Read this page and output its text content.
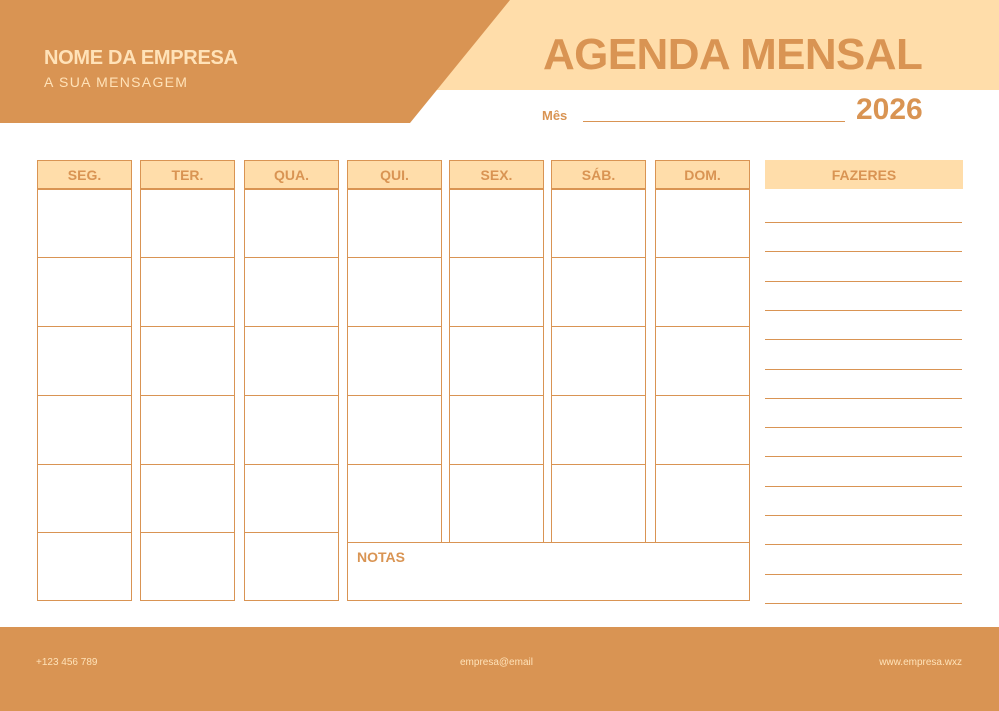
NOME DA EMPRESA
A SUA MENSAGEM
AGENDA MENSAL
Mês	2026
SEG.	TER.	QUA.	QUI.	SEX.	SÁB.	DOM.
NOTAS
FAZERES
+123 456 789	empresa@email	www.empresa.wxz
